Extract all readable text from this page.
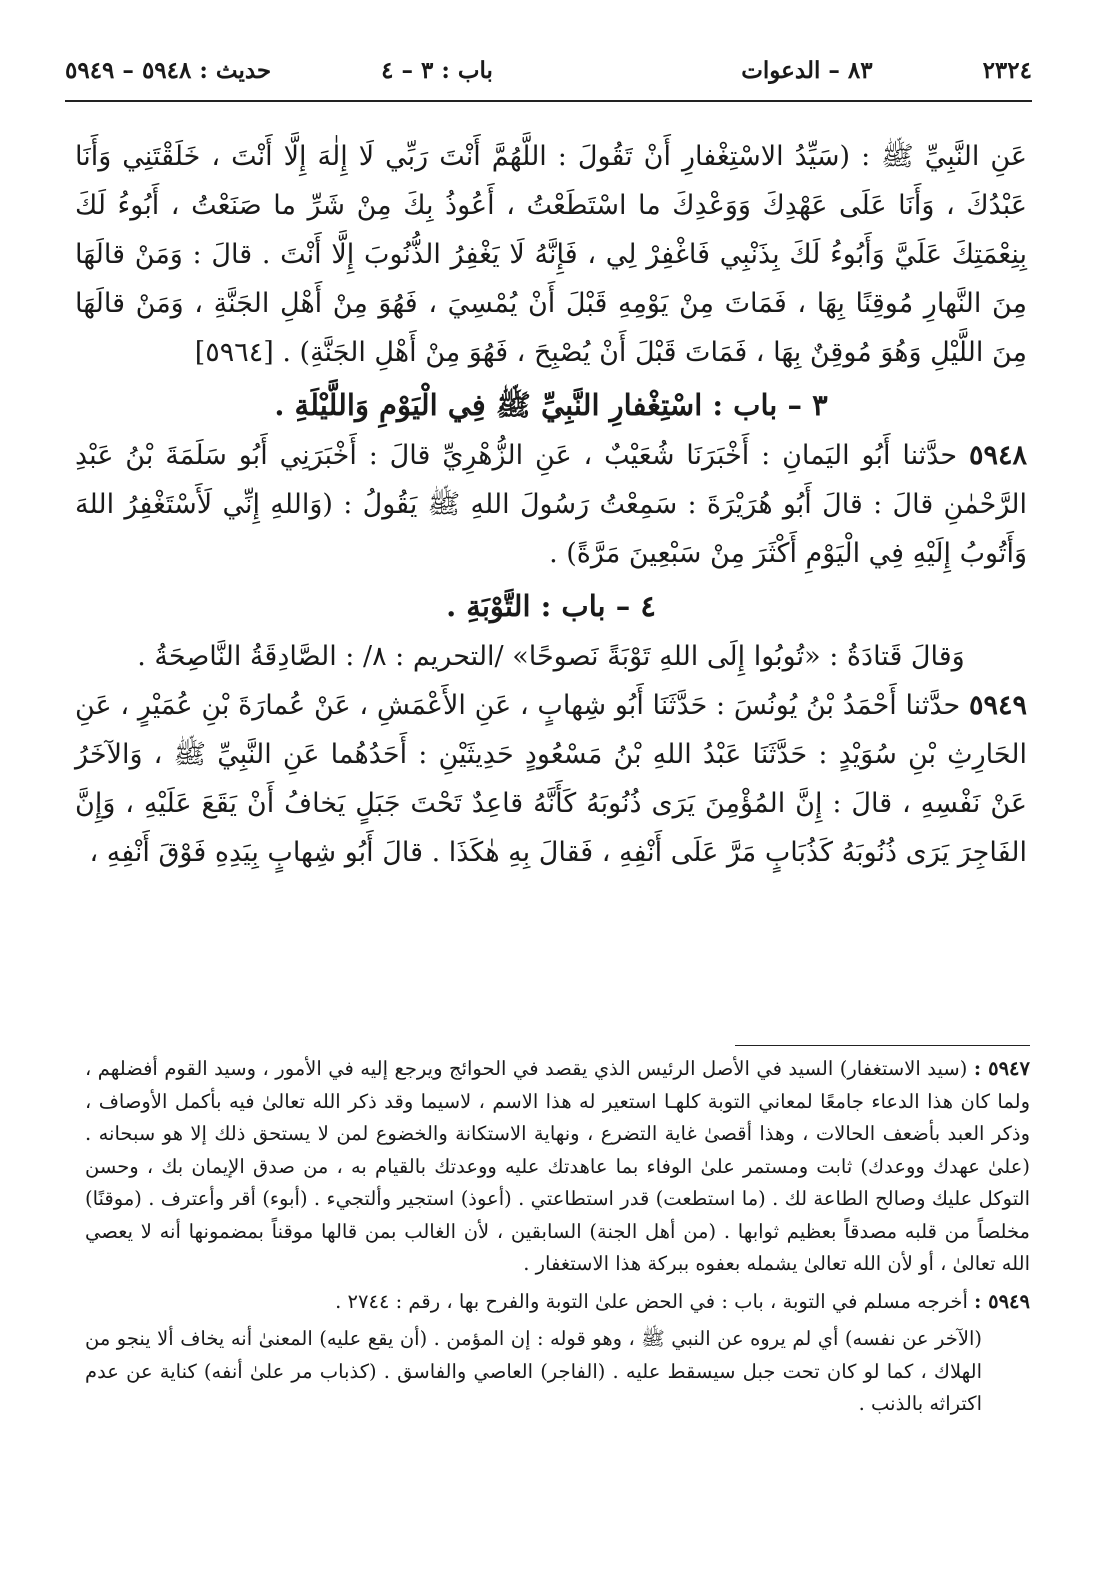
٢٣٢٤
٨٣ – الدعوات
باب : ٣ – ٤
حديث : ٥٩٤٨ – ٥٩٤٩

عَنِ النَّبِيِّ ﷺ : (سَيِّدُ الاسْتِغْفارِ أَنْ تَقُولَ : اللَّهُمَّ أَنْتَ رَبِّي لَا إِلٰهَ إِلَّا أَنْتَ ، خَلَقْتَنِي وَأَنَا عَبْدُكَ ، وَأَنَا عَلَى عَهْدِكَ وَوَعْدِكَ ما اسْتَطَعْتُ ، أَعُوذُ بِكَ مِنْ شَرِّ ما صَنَعْتُ ، أَبُوءُ لَكَ بِنِعْمَتِكَ عَلَيَّ وَأَبُوءُ لَكَ بِذَنْبِي فَاغْفِرْ لِي ، فَإِنَّهُ لَا يَغْفِرُ الذُّنُوبَ إِلَّا أَنْتَ . قالَ : وَمَنْ قالَهَا مِنَ النَّهارِ مُوقِنًا بِهَا ، فَمَاتَ مِنْ يَوْمِهِ قَبْلَ أَنْ يُمْسِيَ ، فَهُوَ مِنْ أَهْلِ الجَنَّةِ ، وَمَنْ قالَهَا مِنَ اللَّيْلِ وَهُوَ مُوقِنٌ بِهَا ، فَمَاتَ قَبْلَ أَنْ يُصْبِحَ ، فَهُوَ مِنْ أَهْلِ الجَنَّةِ) . [٥٩٦٤]

٣ – باب : اسْتِغْفارِ النَّبِيِّ ﷺ فِي الْيَوْمِ وَاللَّيْلَةِ .

٥٩٤٨ حدَّثنا أَبُو اليَمانِ : أَخْبَرَنَا شُعَيْبٌ ، عَنِ الزُّهْرِيِّ قالَ : أَخْبَرَنِي أَبُو سَلَمَةَ بْنُ عَبْدِ الرَّحْمٰنِ قالَ : قالَ أَبُو هُرَيْرَةَ : سَمِعْتُ رَسُولَ اللهِ ﷺ يَقُولُ : (وَاللهِ إِنِّي لَأَسْتَغْفِرُ اللهَ وَأَتُوبُ إِلَيْهِ فِي الْيَوْمِ أَكْثَرَ مِنْ سَبْعِينَ مَرَّةً) .

٤ – باب : التَّوْبَةِ .

وَقالَ قَتادَةُ : «تُوبُوا إِلَى اللهِ تَوْبَةً نَصوحًا» /التحريم : ٨/ : الصَّادِقَةُ النَّاصِحَةُ .

٥٩٤٩ حدَّثنا أَحْمَدُ بْنُ يُونُسَ : حَدَّثَنَا أَبُو شِهابٍ ، عَنِ الأَعْمَشِ ، عَنْ عُمارَةَ بْنِ عُمَيْرٍ ، عَنِ الحَارِثِ بْنِ سُوَيْدٍ : حَدَّثَنَا عَبْدُ اللهِ بْنُ مَسْعُودٍ حَدِيثَيْنِ : أَحَدُهُما عَنِ النَّبِيِّ ﷺ ، وَالآخَرُ عَنْ نَفْسِهِ ، قالَ : إِنَّ المُؤْمِنَ يَرَى ذُنُوبَهُ كَأَنَّهُ قاعِدٌ تَحْتَ جَبَلٍ يَخافُ أَنْ يَقَعَ عَلَيْهِ ، وَإِنَّ الفَاجِرَ يَرَى ذُنُوبَهُ كَذُبَابٍ مَرَّ عَلَى أَنْفِهِ ، فَقالَ بِهِ هٰكَذَا . قالَ أَبُو شِهابٍ بِيَدِهِ فَوْقَ أَنْفِهِ ،

٥٩٤٧ : (سيد الاستغفار) السيد في الأصل الرئيس الذي يقصد في الحوائج ويرجع إليه في الأمور ، وسيد القوم أفضلهم ، ولما كان هذا الدعاء جامعًا لمعاني التوبة كلهـا استعير له هذا الاسم ، لاسيما وقد ذكر الله تعالىٰ فيه بأكمل الأوصاف ، وذكر العبد بأضعف الحالات ، وهذا أقصىٰ غاية التضرع ، ونهاية الاستكانة والخضوع لمن لا يستحق ذلك إلا هو سبحانه . (علىٰ عهدك ووعدك) ثابت ومستمر علىٰ الوفاء بما عاهدتك عليه ووعدتك بالقيام به ، من صدق الإيمان بك ، وحسن التوكل عليك وصالح الطاعة لك . (ما استطعت) قدر استطاعتي . (أعوذ) استجير وألتجيء . (أبوء) أقر وأعترف . (موقنًا) مخلصاً من قلبه مصدقاً بعظيم ثوابها . (من أهل الجنة) السابقين ، لأن الغالب بمن قالها موقناً بمضمونها أنه لا يعصي الله تعالىٰ ، أو لأن الله تعالىٰ يشمله بعفوه ببركة هذا الاستغفار .

٥٩٤٩ : أخرجه مسلم في التوبة ، باب : في الحض علىٰ التوبة والفرح بها ، رقم : ٢٧٤٤ .

(الآخر عن نفسه) أي لم يروه عن النبي ﷺ ، وهو قوله : إن المؤمن . (أن يقع عليه) المعنىٰ أنه يخاف ألا ينجو من الهلاك ، كما لو كان تحت جبل سيسقط عليه . (الفاجر) العاصي والفاسق . (كذباب مر علىٰ أنفه) كناية عن عدم اكتراثه بالذنب .
